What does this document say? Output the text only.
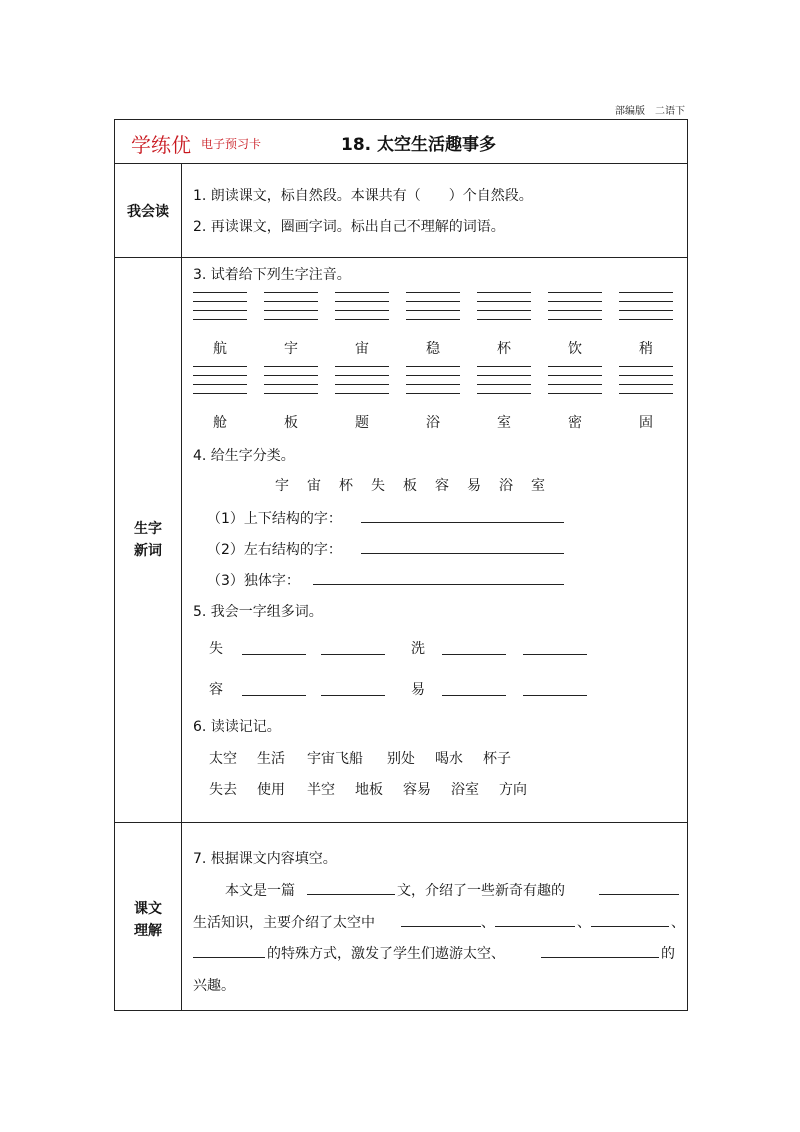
部编版 二语下
学练优 电子预习卡	18. 太空生活趣事多
我会读
1. 朗读课文，标自然段。本课共有（　　）个自然段。
2. 再读课文，圈画字词。标出自己不理解的词语。
生字
新词
3. 试着给下列生字注音。
航	宇	宙	稳	杯	饮	稍
舱	板	题	浴	室	密	固
4. 给生字分类。
宇 宙 杯 失 板 容 易 浴 室
（1）上下结构的字：
（2）左右结构的字：
（3）独体字：
5. 我会一字组多词。
失	洗
容	易
6. 读读记记。
太空 生活 宇宙飞船 别处 喝水 杯子
失去 使用 半空 地板 容易 浴室 方向
课文
理解
7. 根据课文内容填空。
本文是一篇	文，介绍了一些新奇有趣的
生活知识，主要介绍了太空中	、	、	、
的特殊方式，激发了学生们遨游太空、	的
兴趣。
